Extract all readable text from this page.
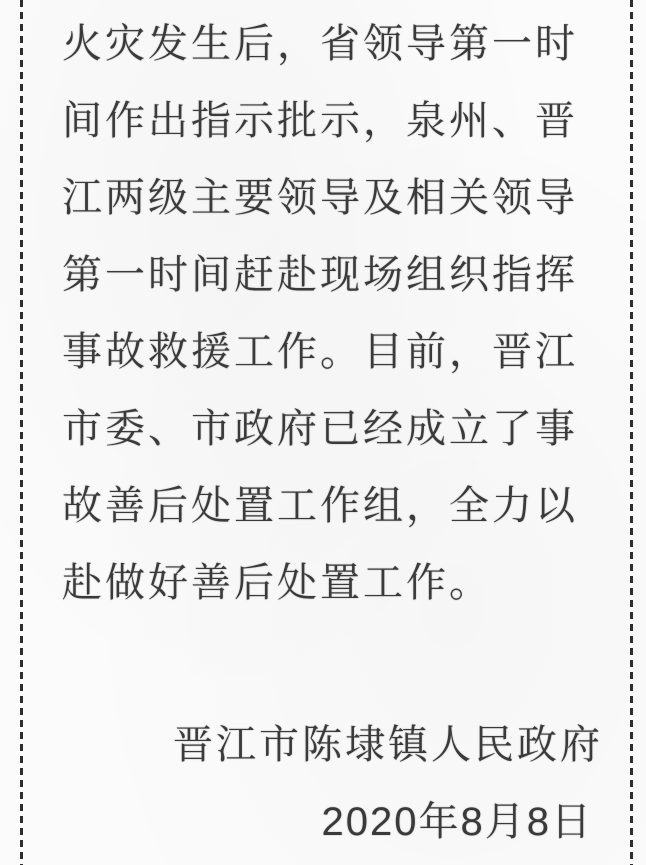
火灾发生后，省领导第一时
间作出指示批示，泉州、晋
江两级主要领导及相关领导
第一时间赶赴现场组织指挥
事故救援工作。目前，晋江
市委、市政府已经成立了事
故善后处置工作组，全力以
赴做好善后处置工作。
晋江市陈埭镇人民政府
2020年8月8日
